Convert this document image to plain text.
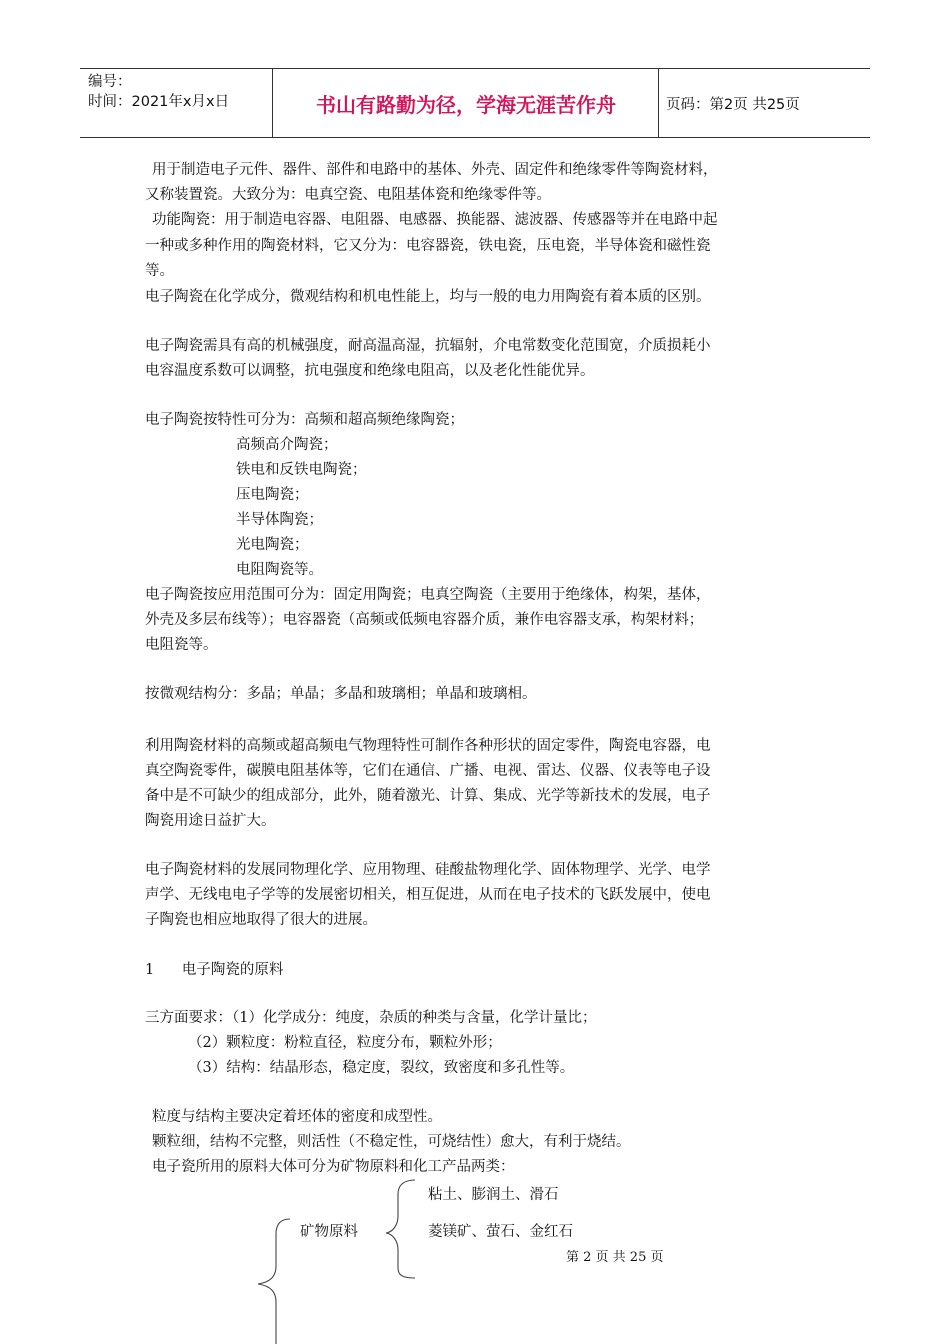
编号：
时间：2021年x月x日	书山有路勤为径，学海无涯苦作舟	页码：第2页 共25页
用于制造电子元件、器件、部件和电路中的基体、外壳、固定件和绝缘零件等陶瓷材料，
又称装置瓷。大致分为：电真空瓷、电阻基体瓷和绝缘零件等。
功能陶瓷：用于制造电容器、电阻器、电感器、换能器、滤波器、传感器等并在电路中起
一种或多种作用的陶瓷材料，它又分为：电容器瓷，铁电瓷，压电瓷，半导体瓷和磁性瓷
等。
电子陶瓷在化学成分，微观结构和机电性能上，均与一般的电力用陶瓷有着本质的区别。
电子陶瓷需具有高的机械强度，耐高温高湿，抗辐射，介电常数变化范围宽，介质损耗小
电容温度系数可以调整，抗电强度和绝缘电阻高，以及老化性能优异。
电子陶瓷按特性可分为：高频和超高频绝缘陶瓷；
高频高介陶瓷；
铁电和反铁电陶瓷；
压电陶瓷；
半导体陶瓷；
光电陶瓷；
电阻陶瓷等。
电子陶瓷按应用范围可分为：固定用陶瓷；电真空陶瓷（主要用于绝缘体，构架，基体，
外壳及多层布线等）；电容器瓷（高频或低频电容器介质，兼作电容器支承，构架材料；
电阻瓷等。
按微观结构分：多晶；单晶；多晶和玻璃相；单晶和玻璃相。
利用陶瓷材料的高频或超高频电气物理特性可制作各种形状的固定零件，陶瓷电容器，电
真空陶瓷零件，碳膜电阻基体等，它们在通信、广播、电视、雷达、仪器、仪表等电子设
备中是不可缺少的组成部分，此外，随着激光、计算、集成、光学等新技术的发展，电子
陶瓷用途日益扩大。
电子陶瓷材料的发展同物理化学、应用物理、硅酸盐物理化学、固体物理学、光学、电学
声学、无线电电子学等的发展密切相关，相互促进，从而在电子技术的飞跃发展中，使电
子陶瓷也相应地取得了很大的进展。
1      电子陶瓷的原料
三方面要求：（1）化学成分：纯度，杂质的种类与含量，化学计量比；
（2）颗粒度：粉粒直径，粒度分布，颗粒外形；
（3）结构：结晶形态，稳定度，裂纹，致密度和多孔性等。
粒度与结构主要决定着坯体的密度和成型性。
颗粒细，结构不完整，则活性（不稳定性，可烧结性）愈大，有利于烧结。
电子瓷所用的原料大体可分为矿物原料和化工产品两类：
矿物原料
粘土、膨润土、滑石
菱镁矿、萤石、金红石
第 2 页 共 25 页
